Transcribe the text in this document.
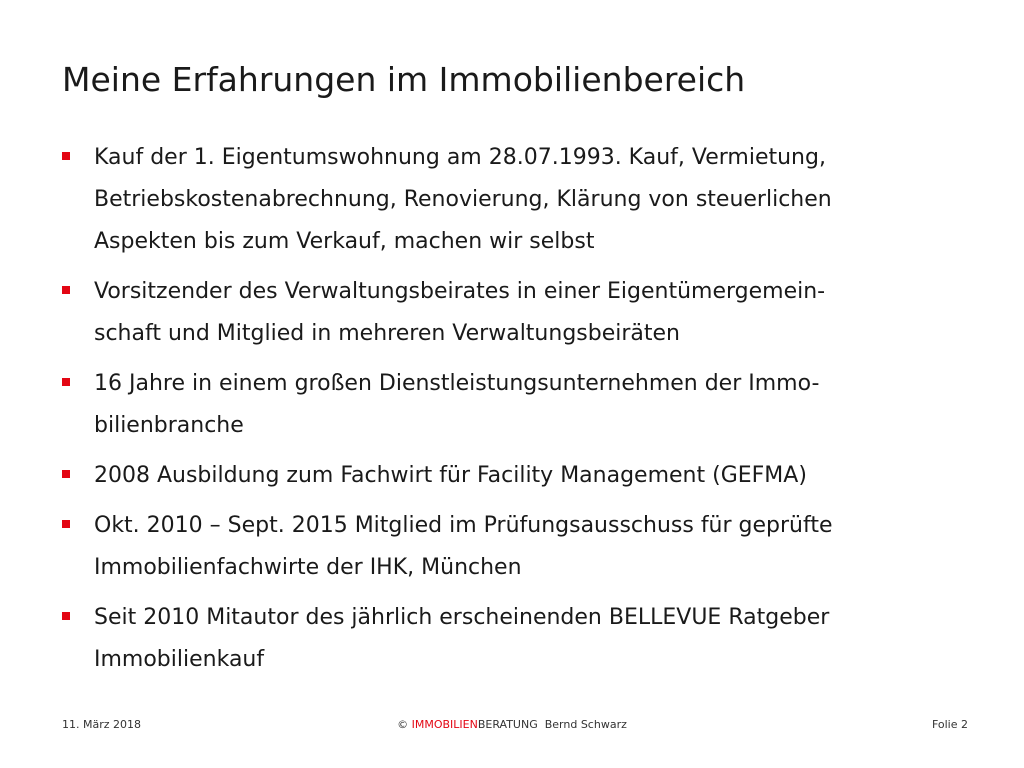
Meine Erfahrungen im Immobilienbereich
Kauf der 1. Eigentumswohnung am 28.07.1993. Kauf, Vermietung,
Betriebskostenabrechnung, Renovierung, Klärung von steuerlichen
Aspekten bis zum Verkauf, machen wir selbst
Vorsitzender des Verwaltungsbeirates in einer Eigentümergemein-
schaft und Mitglied in mehreren Verwaltungsbeiräten
16 Jahre in einem großen Dienstleistungsunternehmen der Immo-
bilienbranche
2008 Ausbildung zum Fachwirt für Facility Management (GEFMA)
Okt. 2010 – Sept. 2015 Mitglied im Prüfungsausschuss für geprüfte
Immobilienfachwirte der IHK, München
Seit 2010 Mitautor des jährlich erscheinenden BELLEVUE Ratgeber
Immobilienkauf
11. März 2018	© IMMOBILIENBERATUNG Bernd Schwarz	Folie 2
